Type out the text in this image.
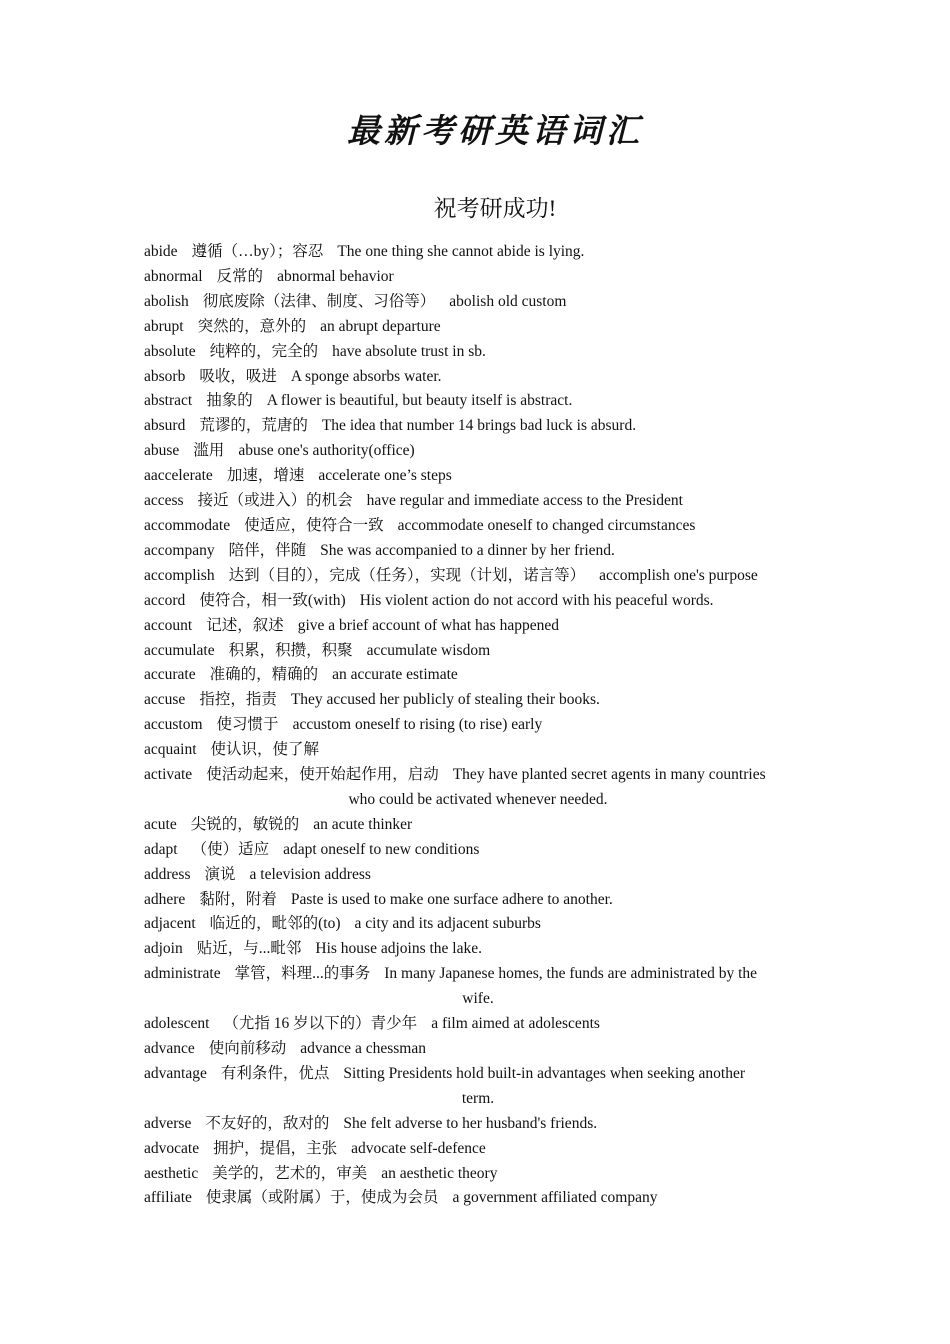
最新考研英语词汇
祝考研成功!
abide 遵循（…by）；容忍 The one thing she cannot abide is lying.
abnormal 反常的 abnormal behavior
abolish 彻底废除（法律、制度、习俗等） abolish old custom
abrupt 突然的，意外的 an abrupt departure
absolute 纯粹的，完全的 have absolute trust in sb.
absorb 吸收，吸进 A sponge absorbs water.
abstract 抽象的 A flower is beautiful, but beauty itself is abstract.
absurd 荒谬的，荒唐的 The idea that number 14 brings bad luck is absurd.
abuse 滥用 abuse one's authority(office)
aaccelerate 加速，增速 accelerate one’s steps
access 接近（或进入）的机会 have regular and immediate access to the President
accommodate 使适应，使符合一致 accommodate oneself to changed circumstances
accompany 陪伴，伴随 She was accompanied to a dinner by her friend.
accomplish 达到（目的），完成（任务），实现（计划，诺言等） accomplish one's purpose
accord 使符合，相一致(with) His violent action do not accord with his peaceful words.
account 记述，叙述 give a brief account of what has happened
accumulate 积累，积攒，积聚 accumulate wisdom
accurate 准确的，精确的 an accurate estimate
accuse 指控，指责 They accused her publicly of stealing their books.
accustom 使习惯于 accustom oneself to rising (to rise) early
acquaint 使认识，使了解
activate 使活动起来，使开始起作用，启动 They have planted secret agents in many countries
who could be activated whenever needed.
acute 尖锐的，敏锐的 an acute thinker
adapt （使）适应 adapt oneself to new conditions
address 演说 a television address
adhere 黏附，附着 Paste is used to make one surface adhere to another.
adjacent 临近的，毗邻的(to) a city and its adjacent suburbs
adjoin 贴近，与...毗邻 His house adjoins the lake.
administrate 掌管，料理...的事务 In many Japanese homes, the funds are administrated by the
wife.
adolescent （尤指 16 岁以下的）青少年 a film aimed at adolescents
advance 使向前移动 advance a chessman
advantage 有利条件，优点 Sitting Presidents hold built-in advantages when seeking another
term.
adverse 不友好的，敌对的 She felt adverse to her husband's friends.
advocate 拥护，提倡，主张 advocate self-defence
aesthetic 美学的，艺术的，审美 an aesthetic theory
affiliate 使隶属（或附属）于，使成为会员 a government affiliated company
